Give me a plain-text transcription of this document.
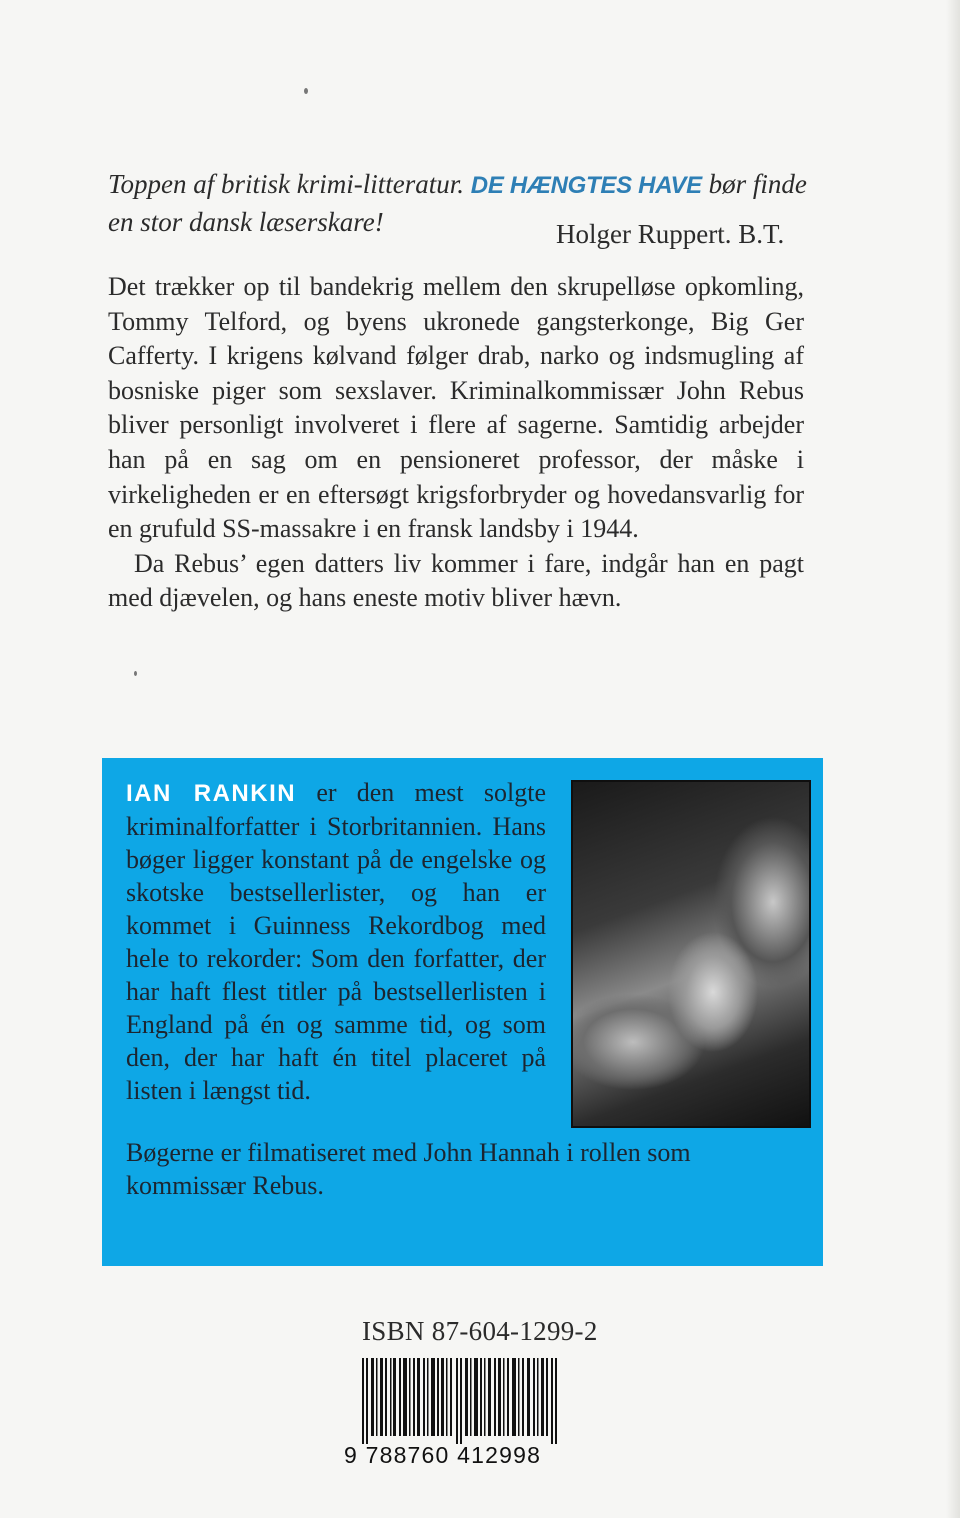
Toppen af britisk krimi-litteratur. DE HÆNGTES HAVE bør finde
en stor dansk læserskare!	Holger Ruppert. B.T.

Det trækker op til bandekrig mellem den skrupelløse opkomling, Tommy Telford, og byens ukronede gangsterkonge, Big Ger Cafferty. I krigens kølvand følger drab, narko og indsmugling af bosniske piger som sexslaver. Kriminalkommissær John Rebus bliver personligt involveret i flere af sagerne. Samtidig arbejder han på en sag om en pensioneret professor, der måske i virkeligheden er en eftersøgt krigsforbryder og hovedansvarlig for en grufuld SS-massakre i en fransk landsby i 1944.

Da Rebus’ egen datters liv kommer i fare, indgår han en pagt med djævelen, og hans eneste motiv bliver hævn.

IAN RANKIN er den mest solgte kriminalforfatter i Storbritannien. Hans bøger ligger konstant på de engelske og skotske bestsellerlister, og han er kommet i Guinness Rekordbog med hele to rekorder: Som den forfatter, der har haft flest titler på bestsellerlisten i England på én og samme tid, og som den, der har haft én titel placeret på listen i længst tid.
Bøgerne er filmatiseret med John Hannah i rollen som kommissær Rebus.
ISBN 87-604-1299-2
9 788760 412998
